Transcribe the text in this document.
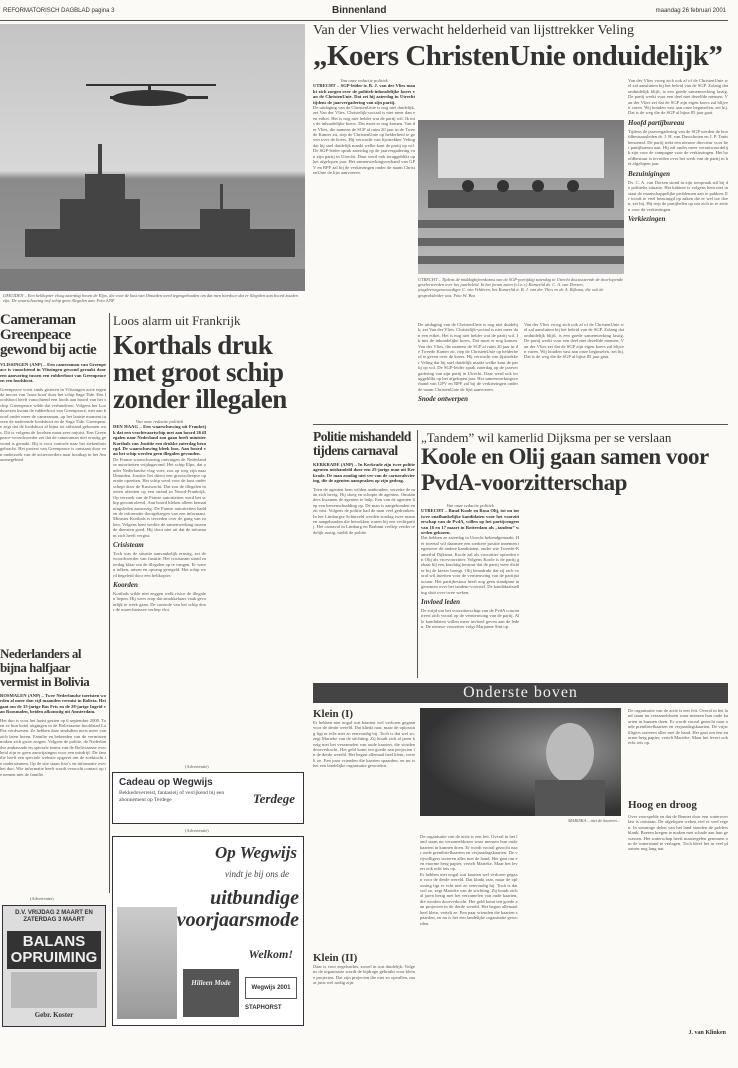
REFORMATORISCH DAGBLAD pagina 3	Binnenland	maandag 26 februari 2001
IJMUIDEN – Een helikopter vloog zaterdag boven de Elpo, die voor de kust van IJmuiden werd tegengehouden om dat men hierdoor dat er illegalen aan boord zouden zijn. De waarschuwing trof schip geen illegalen aan. Foto ANP
Cameraman Greenpeace gewond bij actie
VLISSINGEN (ANP) – Een cameraman van Greenpeace is vanochtend in Vlissingen gewond geraakt door een aanvaring tussen een rubberboot van Greenpeace en een loodsboot.
Greenpeace voert sinds gisteren in Vlissingen actie tegen de invoer van 'foute hout' door het schip Saga Tide. Een loodsboot heeft vanochtend een loods aan boord van het schip. Greenpeace wilde dat verhinderen. Volgens het Loodswezen kwam de rubberboot van Greenpeace, met aan boord onder meer de cameraman, op het laatste moment tussen de naderende loodsboot en de Saga Tide. Greenpeace zegt dat de loodsboot al bijna tot stilstand gekomen was. Dit is volgens de loodsen maar zeer onjuist. Een Greenpeace-woordvoerder zei dat de cameraman niet ernstig gewond is geraakt. Hij is voor controle naar het ziekenhuis gebracht. Het protest van Greenpeace is ontstaan door een onderzoek van de actievoerders naar houtkap in het Amazonegebied.
Nederlanders al bijna halfjaar vermist in Bolivia
ROSMALEN (ANP) – Twee Nederlandse toeristen worden al meer dan vijf maanden vermist in Bolivia. Het gaat om de 35-jarige Bas Fris en de 28-jarige Ingrid van Roosmalen, beiden afkomstig uit Amsterdam.
Het duo is voor het laatst gezien op 6 september 2000. Toen ze hun hotel uitgingen in de Boliviaanse hoofdstad La Paz verdwenen. Ze hebben daar sindsdien niets meer van zich laten horen. Familie en bekenden van de vermisten maken zich grote zorgen. Volgens de politie, de Nederlandse ambassade en speciale teams van de Boliviaanse overheid zijn er geen aanwijzingen voor een misdrijf. De familie heeft een speciale website opgezet om de zoektocht te ondersteunen. Op de site staan foto's en informatie over het duo. Wie informatie heeft wordt verzocht contact op te nemen met de familie.
(Advertentie)
D.V. VRIJDAG 2 MAART EN ZATERDAG 3 MAART
BALANS OPRUIMING
Gebr. Koster
Loos alarm uit Frankrijk
Korthals druk met groot schip zonder illegalen
Van onze redactie politiek
DEN HAAG – Een waarschuwing uit Frankrijk dat een vrachtvaartschip met aan boord 26 illegalen naar Nederland zou gaan heeft minister Korthals van Justitie een drukke zaterdag bezorgd. De waarschuwing bleek loos. Aan boord van het schip werden geen illegalen gevonden.
De Franse waarschuwing ontvingen de Nederlandse autoriteiten vrijdagavond. Het schip Elpo, dat onder Nederlandse vlag voer, zou op weg zijn naar IJmuiden. Justitie liet direct een grootscheepse operatie opzetten. Het schip werd voor de kust onderschept door de Kustwacht. Dat zou de illegalen moeten afzetten op een strand in Noord-Frankrijk. Op verzoek van de Franse autoriteiten werd het schip gecontroleerd. Aan boord bleken alleen bemanningsleden aanwezig. De Franse autoriteiten hadden de informatie doorgekregen van een informant. Minister Korthals is tevreden over de gang van zaken. Volgens hem werkte de samenwerking tussen de diensten goed. Hij sloot niet uit dat de informant zich heeft vergist.
Crisisteam
Toch was de situatie aanvankelijk ernstig, zei de woordvoerder van Justitie. Het crisisteam stond zaterdag klaar om de illegalen op te vangen. Er waren tolken, artsen en opvang geregeld. Het schip werd begeleid door een helikopter.
Koorden
Korthals wilde niet zeggen welk risico de illegalen liepen. Hij wees erop dat smokkelaars vaak gevaarlijk te werk gaan. De controle van het schip door de marechaussee verliep vlot.
(Advertentie)
Cadeau op Wegwijs
Bekkedoverreist, fantasieij of verrijkend bij een abonnement op Terdege	Terdege
(Advertentie)
Op Wegwijs
vindt je bij ons de
uitbundige voorjaarsmode
Welkom!
Hilleen Mode
Wegwijs 2001
STAPHORST
Van der Vlies verwacht helderheid van lijsttrekker Veling
„Koers ChristenUnie onduidelijk”
Van onze redactie politiek
UTRECHT – SGP-leider ir. B. J. van der Vlies maakt zich zorgen over de politiek-inhoudelijke koers van de ChristenUnie. Dat zei hij zaterdag in Utrecht tijdens de jaarvergadering van zijn partij.
De uitdaging van de ChristenUnie is nog niet duidelijk, zei Van der Vlies. Christelijk-sociaal is niet meer dan een etiket. Het is nog niet helder wat de partij wil. Ik mis de inhoudelijke koers. Dat moet er nog komen. Van der Vlies, die namens de SGP al ruim 20 jaar in de Tweede Kamer zit, riep de ChristenUnie op helderheid te geven over de koers. Hij verwacht van lijsttrekker Veling dat hij snel duidelijk maakt welke kant de partij op wil. De SGP-leider sprak zaterdag op de jaarvergadering van zijn partij in Utrecht. Daar werd ook teruggeblikt op het afgelopen jaar. Het samenwerkingsverband van GPV en RPF zal bij de verkiezingen onder de naam ChristenUnie de lijst aanvoeren.
UTRECHT – Tijdens de middagbijeenkomst van de SGP-partijdag zaterdag in Utrecht discussieerde de doorlopende geselecteerden over het jaarbeleid. In het forum zaten (v.l.n.r.) Kamerlid ds. C. A. van Dorsen, jeugdvertegenwoordiger C. van Velderen, het Kamerlid ir. B. J. van der Vlies en dr. A. Bijlsma, die ook de gespreksleider was. Foto W. Bra
De uitdaging van de ChristenUnie is nog niet duidelijk, zei Van der Vlies. Christelijk-sociaal is niet meer dan een etiket. Het is nog niet helder wat de partij wil. Ik mis de inhoudelijke koers. Dat moet er nog komen. Van der Vlies, die namens de SGP al ruim 20 jaar in de Tweede Kamer zit, riep de ChristenUnie op helderheid te geven over de koers. Hij verwacht van lijsttrekker Veling dat hij snel duidelijk maakt welke kant de partij op wil. De SGP-leider sprak zaterdag op de jaarvergadering van zijn partij in Utrecht. Daar werd ook teruggeblikt op het afgelopen jaar. Het samenwerkingsverband van GPV en RPF zal bij de verkiezingen onder de naam ChristenUnie de lijst aanvoeren.
Snode ontwerpen
Van der Vlies vroeg zich ook af of de ChristenUnie wel zal aansluiten bij het beleid van de SGP. Zolang dat onduidelijk blijft, is een goede samenwerking lastig. De partij werkt voor een deel met dezelfde mensen. Van der Vlies zei dat de SGP zijn eigen koers zal blijven varen. Wij houden vast aan onze beginselen, zei hij. Dat is de weg die de SGP al bijna 85 jaar gaat.
Van der Vlies vroeg zich ook af of de ChristenUnie wel zal aansluiten bij het beleid van de SGP. Zolang dat onduidelijk blijft, is een goede samenwerking lastig. De partij werkt voor een deel met dezelfde mensen. Van der Vlies zei dat de SGP zijn eigen koers zal blijven varen. Wij houden vast aan onze beginselen, zei hij. Dat is de weg die de SGP al bijna 85 jaar gaat.
Hoofd partijbureau
Tijdens de jaarvergadering van de SGP werden de hoofdbestuursleden dr. J. H. van Dusschoten en J. P. Tanis benoemd. De partij trekt een nieuwe directeur voor het partijbureau aan. Hij zal onder meer verantwoordelijk zijn voor de campagne voor de verkiezingen. Het hoofdbestuur is tevreden over het werk van de partij in het afgelopen jaar.
Bezuinigingen
Ds. C. A. van Dorsen stond in zijn toespraak stil bij de politieke situatie. Het kabinet is volgens hem niet in staat de maatschappelijke problemen aan te pakken. Er wordt te veel bezuinigd op zaken die er wel toe doen, zei hij. Hij riep de partijleden op om zich in te zetten voor de verkiezingen.
Verkiezingen
Politie mishandeld tijdens carnaval
KERKRADE (ANP) – In Kerkrade zijn twee politieagenten mishandeld door een 25-jarige man uit Kerkrade. De man zondag niet ver van de carnavalsviering, die de agenten aanspraken op zijn gedrag.
Toen de agenten hem wilden aanhouden, verzette de man zich hevig. Hij sloeg en schopte de agenten. Omstanders kwamen de agenten te hulp. Een van de agenten liep een hersenschudding op. De man is aangehouden en zit vast. Volgens de politie had de man veel gedronken. In het Limburgse Schinveld werden zondag twee mannen aangehouden die betrokken waren bij een vechtpartij. Het carnaval in Limburg en Brabant verliep verder redelijk rustig, meldt de politie.
„Tandem” wil kamerlid Dijksma per se verslaan
Koole en Olij gaan samen voor PvdA-voorzitterschap
Van onze redactie politiek
UTRECHT – Ruud Koole en Rosa Olij, tot nu toe twee onafhankelijke kandidaten voor het voorzitterschap van de PvdA, willen op het partijcongres van 16 en 17 maart in Rotterdam als „tandem” worden gekozen.
Dat hebben ze zaterdag in Utrecht bekendgemaakt. Het tweetal wil daarmee een sterkere positie innemen tegenover de andere kandidaten, onder wie Tweede-Kamerlid Dijksma. Koole zal als voorzitter optreden en Olij als vicevoorzitter. Volgens Koole is de partij gebaat bij een krachtig bestuur dat de partij weer dichter bij de kiezer brengt. Olij benadrukt dat zij zich vooral wil inzetten voor de vernieuwing van de partijstructuur. Het partijbestuur heeft nog geen standpunt ingenomen over het tandem-voorstel. De kandidaatstelling sluit over twee weken.
Invloed leden
De strijd om het voorzitterschap van de PvdA concentreert zich vooral op de vernieuwing van de partij. Alle kandidaten willen meer invloed geven aan de leden. De nieuwe voorzitter volgt Marjanne Sint op.
Onderste boven
Klein (I)
Er hebben niet nogal wat kaarten wel verloren gegaan voor de derde wereld. Dat klinkt raar, maar de oplossing ligt er echt niet zo eenvoudig bij. Toch is dat wel zo, zegt Marieke van de stichting. Zij houdt zich al jaren bezig met het verzamelen van oude kaarten, die worden doorverkocht. Het geld komt ten goede aan projecten in de derde wereld. Het begon allemaal heel klein, vertelt ze. Een paar vrienden die kaarten spaarden, en nu is het een landelijke organisatie geworden.
Klein (II)
Daar is voor zegelsachts, zowel in wat duidelijk. Volgens de organisatie wordt de bijdrage gebruikt voor kleine projecten. Dat zijn projecten die niet zo opvallen, maar juist wel nodig zijn.
MARISKA ...met de kaarten...
De organisatie van de actie is een feit. Overal in het land staan nu verzameldozen waar mensen hun oude kaarten in kunnen doen. Er wordt vooral gezocht naar oude prentbriefkaarten en verjaardagskaarten. De vrijwilligers sorteren alles met de hand. Het gaat om een enorme berg papier, vertelt Marieke. Maar het levert ook echt iets op.
Er hebben niet nogal wat kaarten wel verloren gegaan voor de derde wereld. Dat klinkt raar, maar de oplossing ligt er echt niet zo eenvoudig bij. Toch is dat wel zo, zegt Marieke van de stichting. Zij houdt zich al jaren bezig met het verzamelen van oude kaarten, die worden doorverkocht. Het geld komt ten goede aan projecten in de derde wereld. Het begon allemaal heel klein, vertelt ze. Een paar vrienden die kaarten spaarden, en nu is het een landelijke organisatie geworden.
De organisatie van de actie is een feit. Overal in het land staan nu verzameldozen waar mensen hun oude kaarten in kunnen doen. Er wordt vooral gezocht naar oude prentbriefkaarten en verjaardagskaarten. De vrijwilligers sorteren alles met de hand. Het gaat om een enorme berg papier, vertelt Marieke. Maar het levert ook echt iets op.
Hoog en droog
Over voorspelde en dat de Bennet door een wateroverlast is ontstaan. De afgelopen weken viel er veel regen. In sommige delen van het land stonden de polders blank. Boeren kregen te maken met schade aan hun gewassen. Het waterschap heeft maatregelen genomen om de waterstand te verlagen. Toch bleef het in veel plaatsen nog lang nat.
J. van Klinken
